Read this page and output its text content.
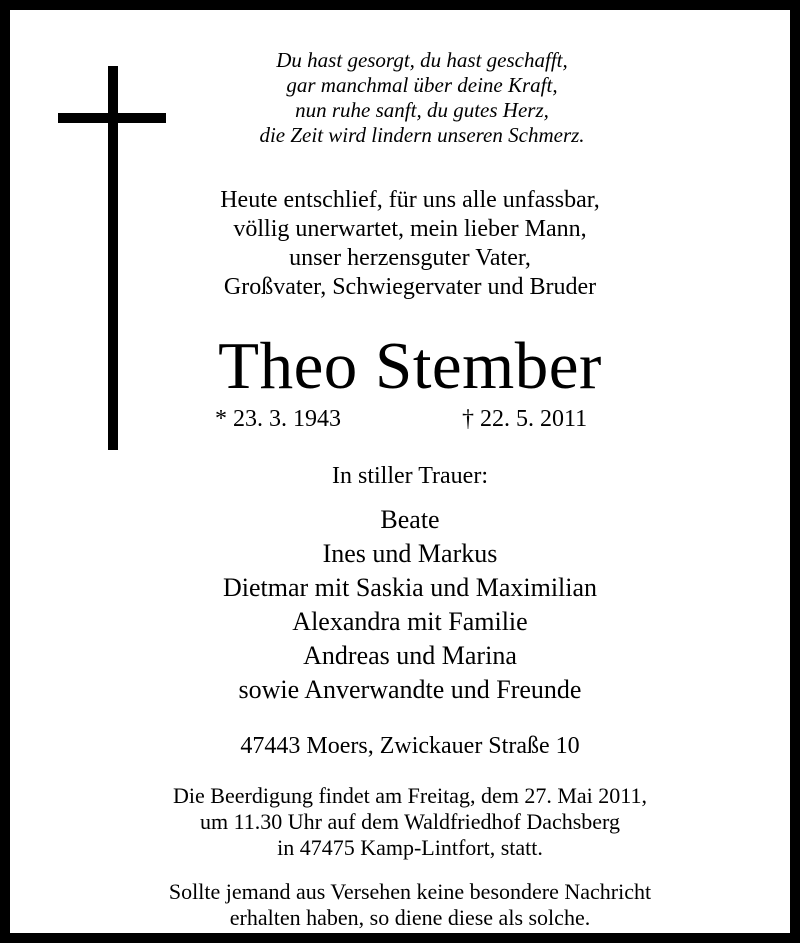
Du hast gesorgt, du hast geschafft,
gar manchmal über deine Kraft,
nun ruhe sanft, du gutes Herz,
die Zeit wird lindern unseren Schmerz.
Heute entschlief, für uns alle unfassbar,
völlig unerwartet, mein lieber Mann,
unser herzensguter Vater,
Großvater, Schwiegervater und Bruder
Theo Stember
* 23. 3. 1943	† 22. 5. 2011
In stiller Trauer:
Beate
Ines und Markus
Dietmar mit Saskia und Maximilian
Alexandra mit Familie
Andreas und Marina
sowie Anverwandte und Freunde
47443 Moers, Zwickauer Straße 10
Die Beerdigung findet am Freitag, dem 27. Mai 2011,
um 11.30 Uhr auf dem Waldfriedhof Dachsberg
in 47475 Kamp-Lintfort, statt.
Sollte jemand aus Versehen keine besondere Nachricht
erhalten haben, so diene diese als solche.
